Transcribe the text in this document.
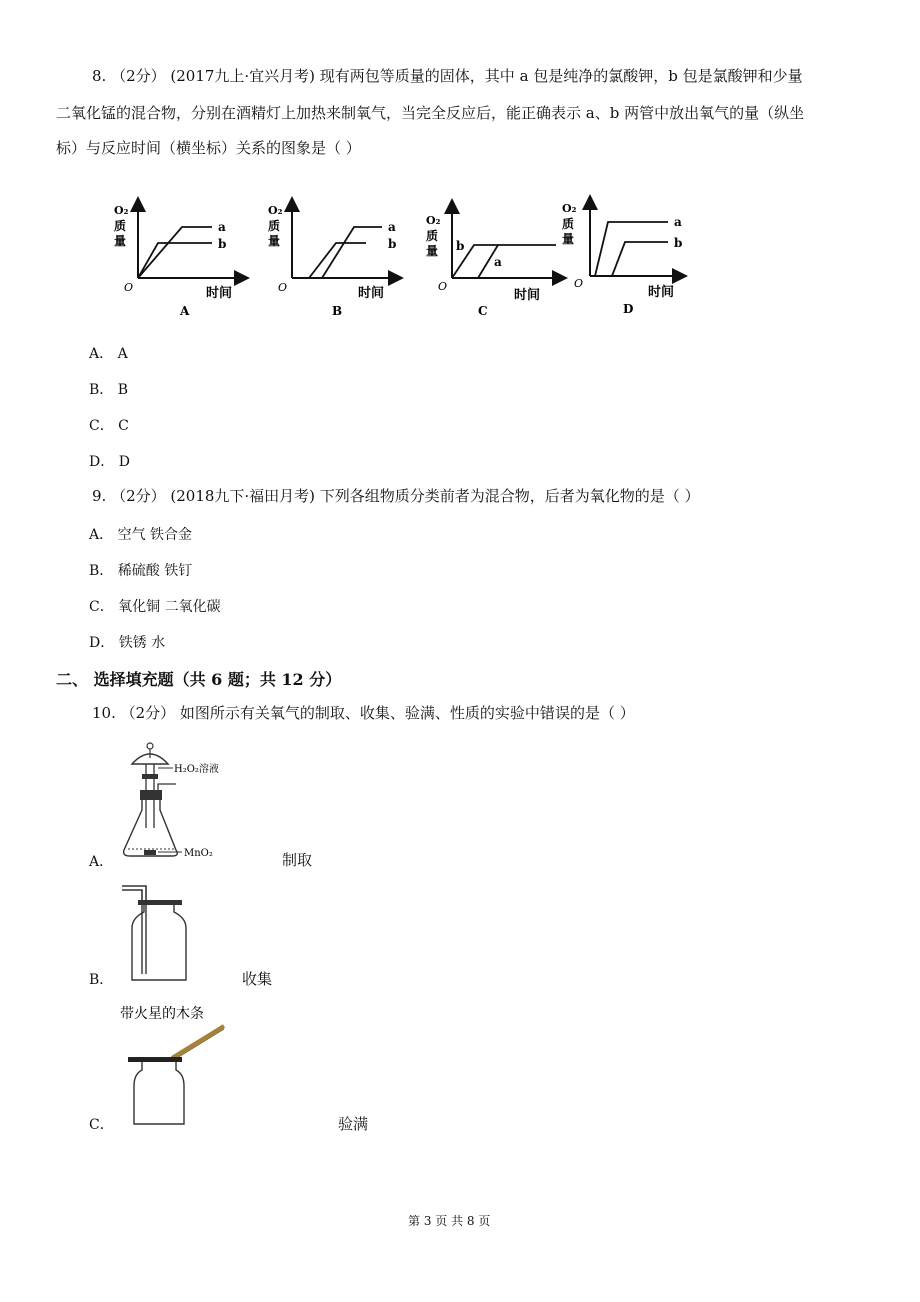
8. （2分） (2017九上·宜兴月考) 现有两包等质量的固体，其中 a 包是纯净的氯酸钾，b 包是氯酸钾和少量
二氧化锰的混合物，分别在酒精灯上加热来制氧气，当完全反应后，能正确表示 a、b 两管中放出氧气的量（纵坐
标）与反应时间（横坐标）关系的图象是（ ）
O₂
质
量
a
b
O	时间
A
O₂
质
量
a
b
O	时间
B
O₂
质
量 b
a
O
时间
C
O₂
质
量
a
b
O
时间
D
A． A
B． B
C． C
D． D
9. （2分） (2018九下·福田月考) 下列各组物质分类前者为混合物，后者为氧化物的是（ ）
A． 空气 铁合金
B． 稀硫酸 铁钉
C． 氧化铜 二氧化碳
D． 铁锈 水
二、 选择填充题（共 6 题；共 12 分）
10. （2分） 如图所示有关氧气的制取、收集、验满、性质的实验中错误的是（ ）
A．
H₂O₂溶液
MnO₂	制取
B．	收集
C．
带火星的木条
验满
第 3 页 共 8 页
